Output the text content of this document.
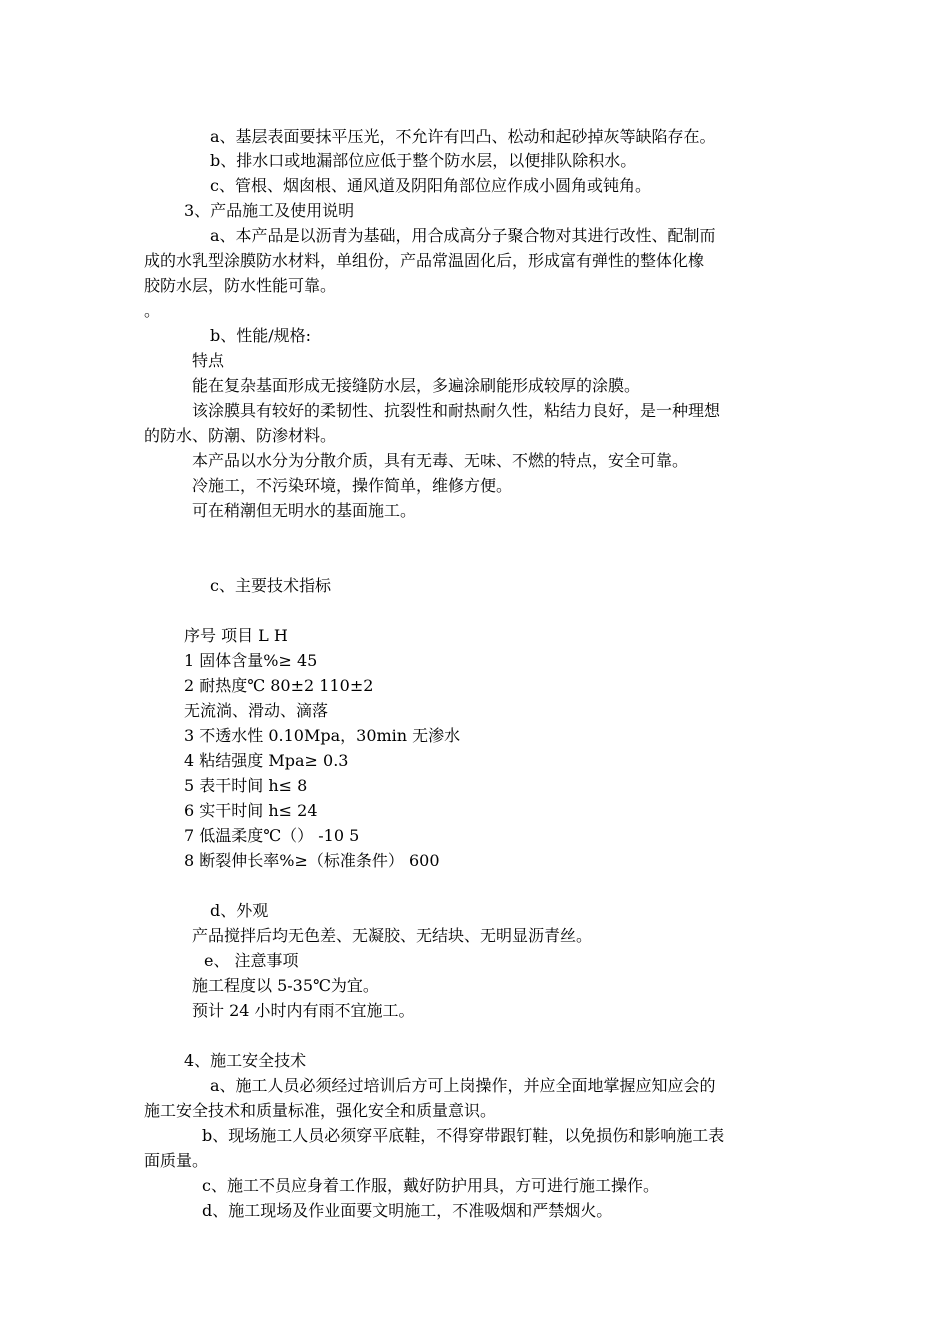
a、基层表面要抹平压光，不允许有凹凸、松动和起砂掉灰等缺陷存在。
b、排水口或地漏部位应低于整个防水层，以便排队除积水。
c、管根、烟囱根、通风道及阴阳角部位应作成小圆角或钝角。
3、产品施工及使用说明
a、本产品是以沥青为基础，用合成高分子聚合物对其进行改性、配制而
成的水乳型涂膜防水材料，单组份，产品常温固化后，形成富有弹性的整体化橡
胶防水层，防水性能可靠。
。
b、性能/规格:
特点
能在复杂基面形成无接缝防水层，多遍涂刷能形成较厚的涂膜。
该涂膜具有较好的柔韧性、抗裂性和耐热耐久性，粘结力良好，是一种理想
的防水、防潮、防渗材料。
本产品以水分为分散介质，具有无毒、无味、不燃的特点，安全可靠。
冷施工，不污染环境，操作简单，维修方便。
可在稍潮但无明水的基面施工。
c、主要技术指标
序号 项目 L H
1 固体含量%≥ 45
2 耐热度℃ 80±2 110±2
无流淌、滑动、滴落
3 不透水性 0.10Mpa，30min 无渗水
4 粘结强度 Mpa≥ 0.3
5 表干时间 h≤ 8
6 实干时间 h≤ 24
7 低温柔度℃（） -10 5
8 断裂伸长率%≥（标准条件） 600
d、外观
产品搅拌后均无色差、无凝胶、无结块、无明显沥青丝。
e、 注意事项
施工程度以 5-35℃为宜。
预计 24 小时内有雨不宜施工。
4、施工安全技术
a、施工人员必须经过培训后方可上岗操作，并应全面地掌握应知应会的
施工安全技术和质量标准，强化安全和质量意识。
b、现场施工人员必须穿平底鞋，不得穿带跟钉鞋，以免损伤和影响施工表
面质量。
c、施工不员应身着工作服，戴好防护用具，方可进行施工操作。
d、施工现场及作业面要文明施工，不准吸烟和严禁烟火。
